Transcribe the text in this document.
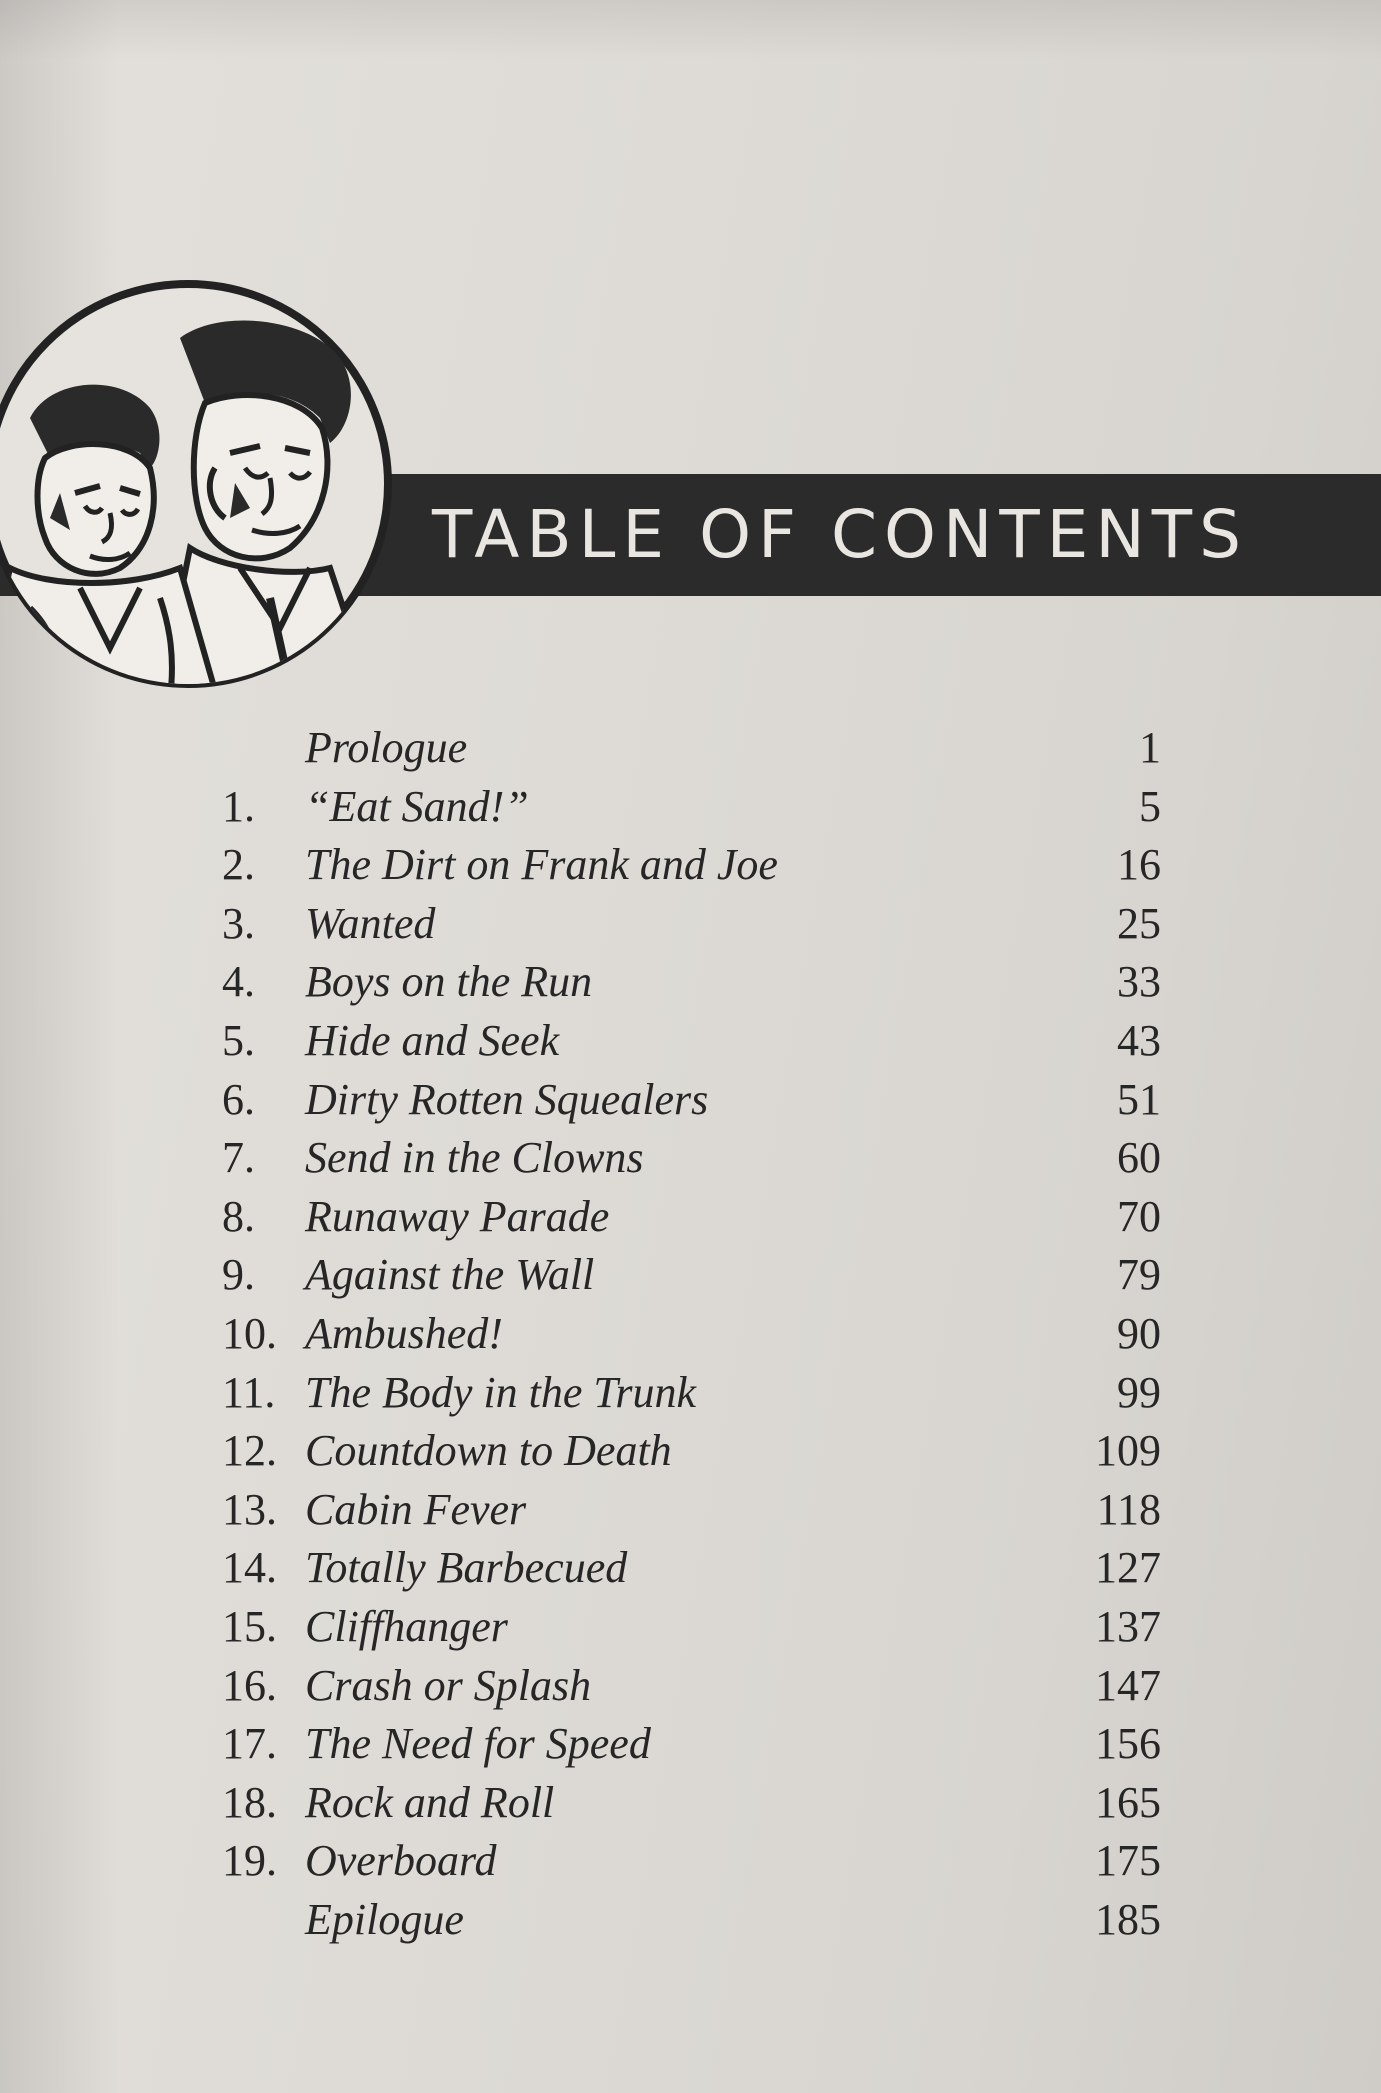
TABLE OF CONTENTS
Prologue	1
1. “Eat Sand!”	5
2. The Dirt on Frank and Joe	16
3. Wanted	25
4. Boys on the Run	33
5. Hide and Seek	43
6. Dirty Rotten Squealers	51
7. Send in the Clowns	60
8. Runaway Parade	70
9. Against the Wall	79
10. Ambushed!	90
11. The Body in the Trunk	99
12. Countdown to Death	109
13. Cabin Fever	118
14. Totally Barbecued	127
15. Cliffhanger	137
16. Crash or Splash	147
17. The Need for Speed	156
18. Rock and Roll	165
19. Overboard	175
Epilogue	185
